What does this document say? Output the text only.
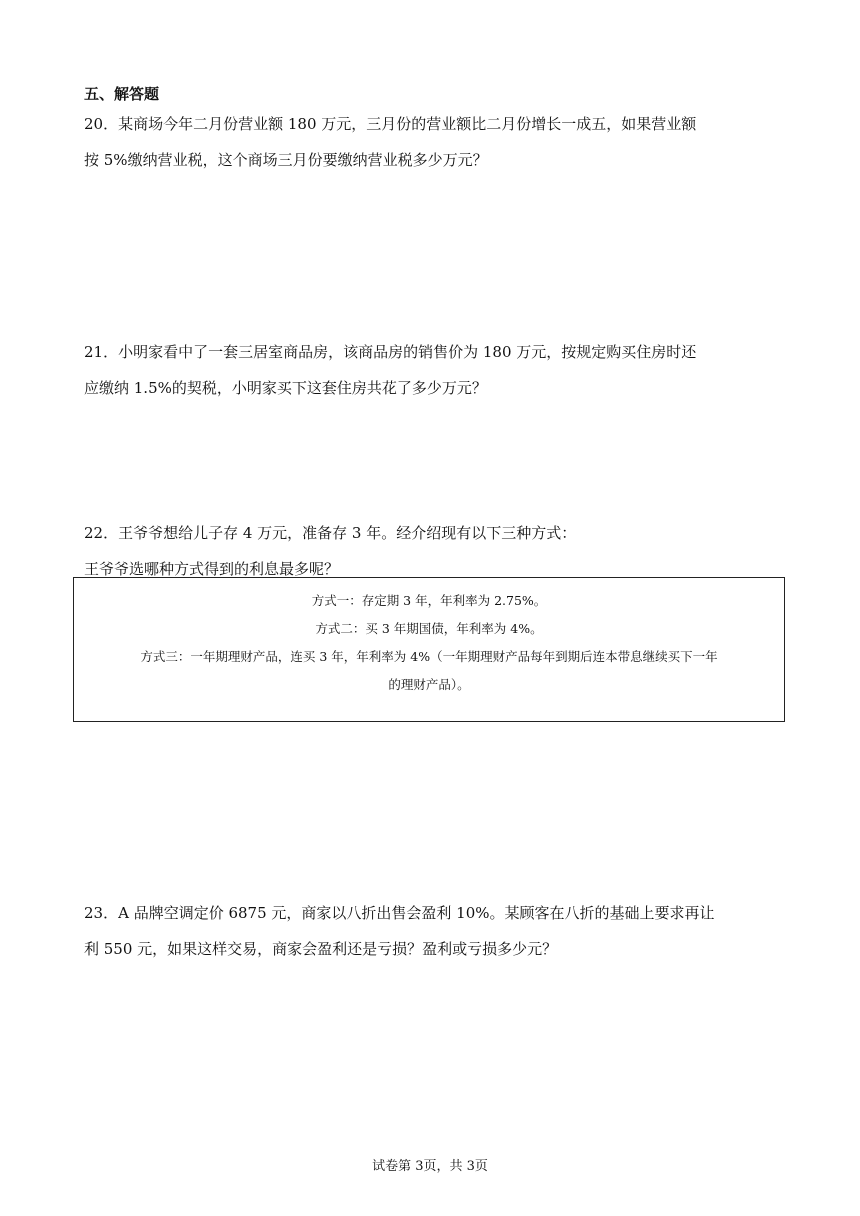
五、解答题
20．某商场今年二月份营业额 180 万元，三月份的营业额比二月份增长一成五，如果营业额
按 5%缴纳营业税，这个商场三月份要缴纳营业税多少万元？
21．小明家看中了一套三居室商品房，该商品房的销售价为 180 万元，按规定购买住房时还
应缴纳 1.5%的契税，小明家买下这套住房共花了多少万元？
22．王爷爷想给儿子存 4 万元，准备存 3 年。经介绍现有以下三种方式：
王爷爷选哪种方式得到的利息最多呢？
方式一：存定期 3 年，年利率为 2.75%。
方式二：买 3 年期国债，年利率为 4%。
方式三：一年期理财产品，连买 3 年，年利率为 4%（一年期理财产品每年到期后连本带息继续买下一年
的理财产品）。
23．A 品牌空调定价 6875 元，商家以八折出售会盈利 10%。某顾客在八折的基础上要求再让
利 550 元，如果这样交易，商家会盈利还是亏损？盈利或亏损多少元？
试卷第 3页，共 3页
